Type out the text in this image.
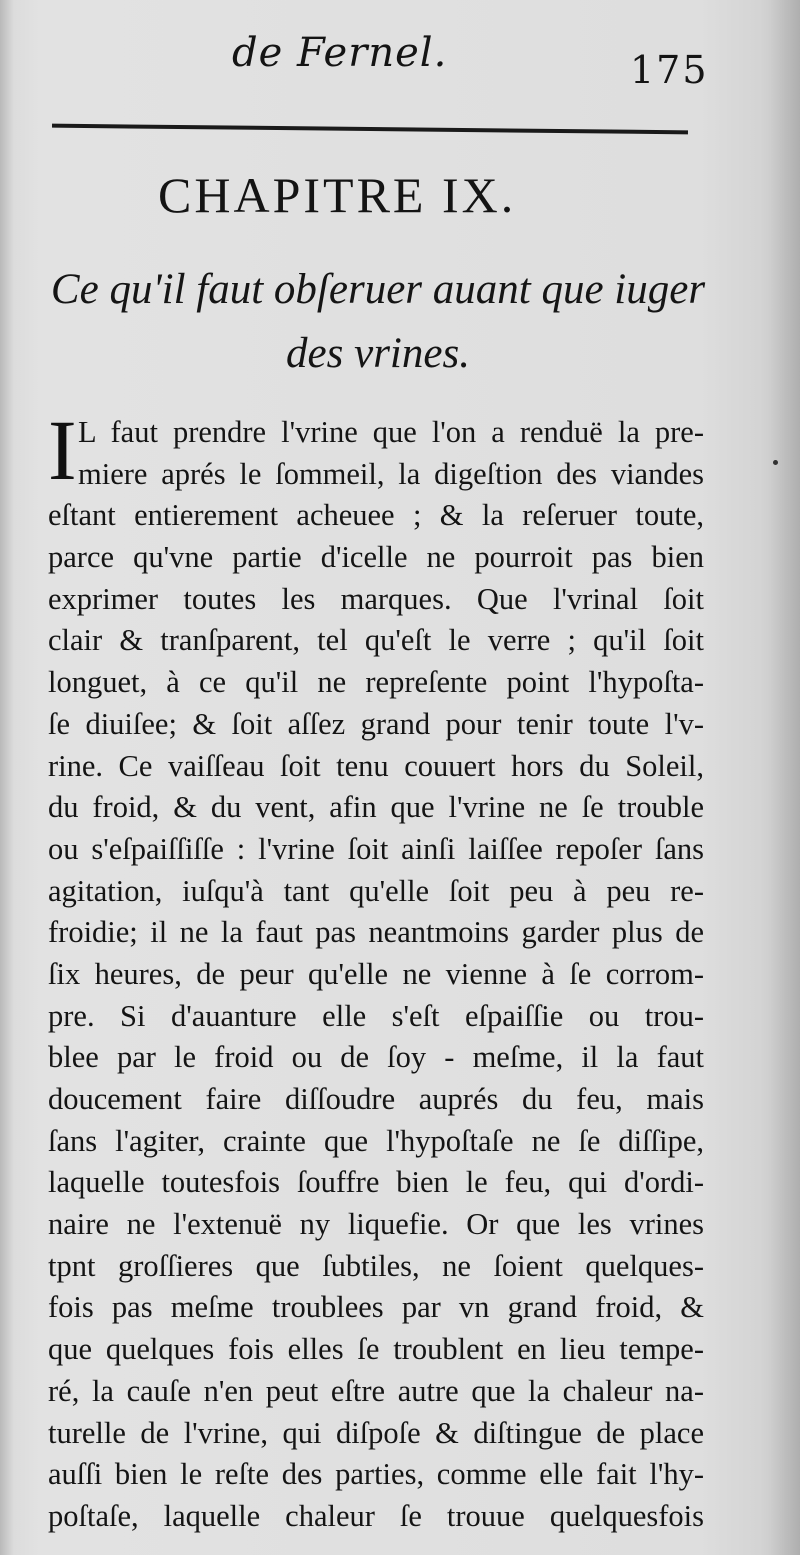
de Fernel.	175
CHAPITRE IX.
Ce qu'il faut obſeruer auant que iuger
des vrines.
I L faut prendre l'vrine que l'on a renduë la pre-
miere aprés le ſommeil, la digeſtion des viandes
eſtant entierement acheuee ; & la reſeruer toute,
parce qu'vne partie d'icelle ne pourroit pas bien
exprimer toutes les marques. Que l'vrinal ſoit
clair & tranſparent, tel qu'eſt le verre ; qu'il ſoit
longuet, à ce qu'il ne repreſente point l'hypoſta-
ſe diuiſee; & ſoit aſſez grand pour tenir toute l'v-
rine. Ce vaiſſeau ſoit tenu couuert hors du Soleil,
du froid, & du vent, afin que l'vrine ne ſe trouble
ou s'eſpaiſſiſſe : l'vrine ſoit ainſi laiſſee repoſer ſans
agitation, iuſqu'à tant qu'elle ſoit peu à peu re-
froidie; il ne la faut pas neantmoins garder plus de
ſix heures, de peur qu'elle ne vienne à ſe corrom-
pre. Si d'auanture elle s'eſt eſpaiſſie ou trou-
blee par le froid ou de ſoy - meſme, il la faut
doucement faire diſſoudre auprés du feu, mais
ſans l'agiter, crainte que l'hypoſtaſe ne ſe diſſipe,
laquelle toutesfois ſouffre bien le feu, qui d'ordi-
naire ne l'extenuë ny liquefie. Or que les vrines
tpnt groſſieres que ſubtiles, ne ſoient quelques-
fois pas meſme troublees par vn grand froid, &
que quelques fois elles ſe troublent en lieu tempe-
ré, la cauſe n'en peut eſtre autre que la chaleur na-
turelle de l'vrine, qui diſpoſe & diſtingue de place
auſſi bien le reſte des parties, comme elle fait l'hy-
poſtaſe, laquelle chaleur ſe trouue quelquesfois
